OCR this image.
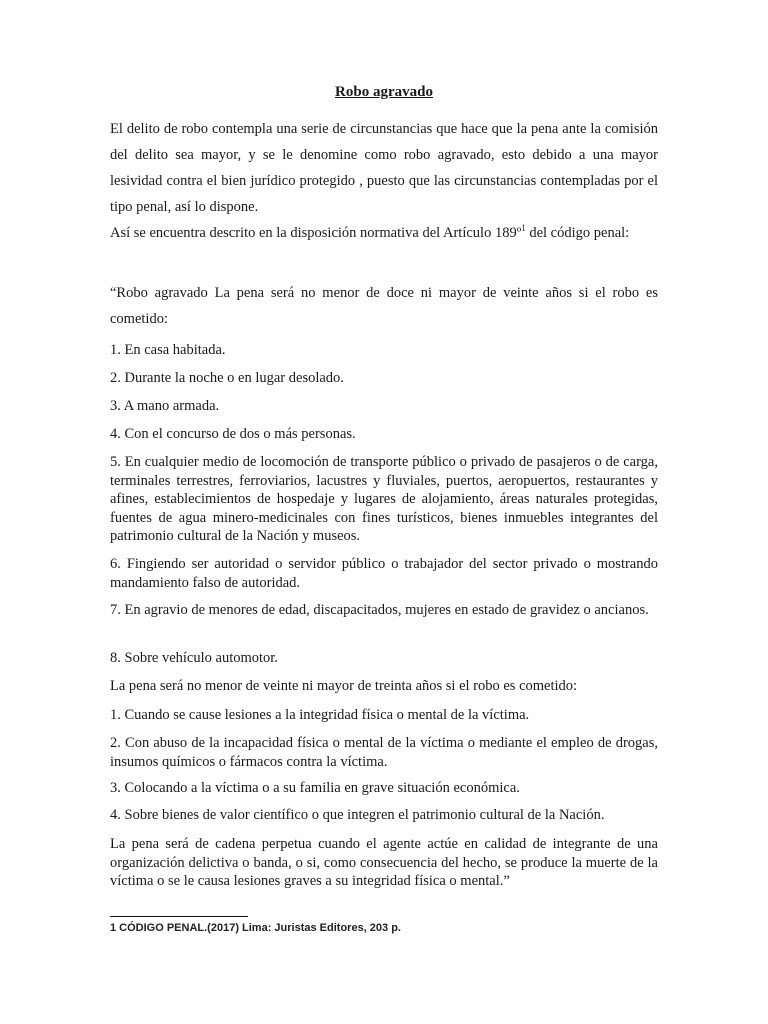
Robo agravado

El delito de robo contempla una serie de circunstancias que hace que la pena ante la comisión del delito sea mayor, y se le denomine como robo agravado, esto debido a una mayor lesividad contra el bien jurídico protegido , puesto que las circunstancias contempladas por el tipo penal, así lo dispone.

Así se encuentra descrito en la disposición normativa del Artículo 189º$^1$ del código penal:

“Robo agravado La pena será no menor de doce ni mayor de veinte años si el robo es cometido:

1. En casa habitada.

2. Durante la noche o en lugar desolado.

3. A mano armada.

4. Con el concurso de dos o más personas.

5. En cualquier medio de locomoción de transporte público o privado de pasajeros o de carga, terminales terrestres, ferroviarios, lacustres y fluviales, puertos, aeropuertos, restaurantes y afines, establecimientos de hospedaje y lugares de alojamiento, áreas naturales protegidas, fuentes de agua minero-medicinales con fines turísticos, bienes inmuebles integrantes del patrimonio cultural de la Nación y museos.

6. Fingiendo ser autoridad o servidor público o trabajador del sector privado o mostrando mandamiento falso de autoridad.

7. En agravio de menores de edad, discapacitados, mujeres en estado de gravidez o ancianos.

8. Sobre vehículo automotor.

La pena será no menor de veinte ni mayor de treinta años si el robo es cometido:

1. Cuando se cause lesiones a la integridad física o mental de la víctima.

2. Con abuso de la incapacidad física o mental de la víctima o mediante el empleo de drogas, insumos químicos o fármacos contra la víctima.

3. Colocando a la víctima o a su familia en grave situación económica.

4. Sobre bienes de valor científico o que integren el patrimonio cultural de la Nación.

La pena será de cadena perpetua cuando el agente actúe en calidad de integrante de una organización delictiva o banda, o si, como consecuencia del hecho, se produce la muerte de la víctima o se le causa lesiones graves a su integridad física o mental.”

1 CÓDIGO PENAL.(2017) Lima: Juristas Editores, 203 p.
